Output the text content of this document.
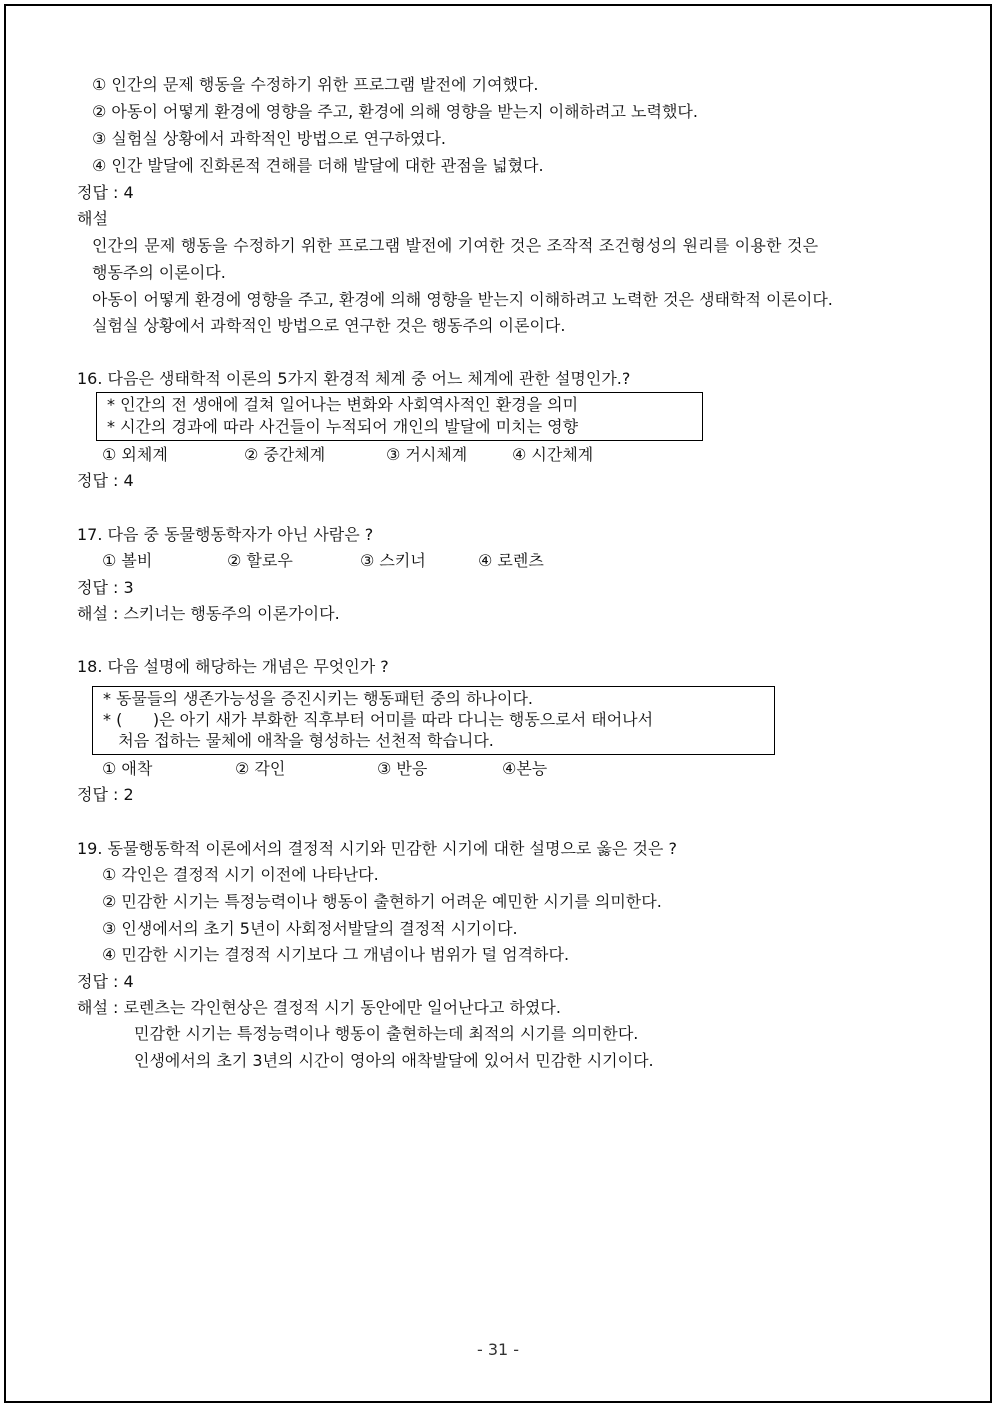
① 인간의 문제 행동을 수정하기 위한 프로그램 발전에 기여했다.
② 아동이 어떻게 환경에 영향을 주고, 환경에 의해 영향을 받는지 이해하려고 노력했다.
③ 실험실 상황에서 과학적인 방법으로 연구하였다.
④ 인간 발달에 진화론적 견해를 더해 발달에 대한 관점을 넓혔다.
정답 : 4
해설
인간의 문제 행동을 수정하기 위한 프로그램 발전에 기여한 것은 조작적 조건형성의 원리를 이용한 것은
행동주의 이론이다.
아동이 어떻게 환경에 영향을 주고, 환경에 의해 영향을 받는지 이해하려고 노력한 것은 생태학적 이론이다.
실험실 상황에서 과학적인 방법으로 연구한 것은 행동주의 이론이다.
16. 다음은 생태학적 이론의 5가지 환경적 체계 중 어느 체계에 관한 설명인가.?
* 인간의 전 생애에 걸쳐 일어나는 변화와 사회역사적인 환경을 의미
* 시간의 경과에 따라 사건들이 누적되어 개인의 발달에 미치는 영향
① 외체계	② 중간체계	③ 거시체계	④ 시간체계
정답 : 4
17. 다음 중 동물행동학자가 아닌 사람은 ?
① 볼비	② 할로우	③ 스키너	④ 로렌츠
정답 : 3
해설 : 스키너는 행동주의 이론가이다.
18. 다음 설명에 해당하는 개념은 무엇인가 ?
* 동물들의 생존가능성을 증진시키는 행동패턴 중의 하나이다.
* (      )은 아기 새가 부화한 직후부터 어미를 따라 다니는 행동으로서 태어나서
처음 접하는 물체에 애착을 형성하는 선천적 학습니다.
① 애착	② 각인	③ 반응	④본능
정답 : 2
19. 동물행동학적 이론에서의 결정적 시기와 민감한 시기에 대한 설명으로 옳은 것은 ?
① 각인은 결정적 시기 이전에 나타난다.
② 민감한 시기는 특정능력이나 행동이 출현하기 어려운 예민한 시기를 의미한다.
③ 인생에서의 초기 5년이 사회정서발달의 결정적 시기이다.
④ 민감한 시기는 결정적 시기보다 그 개념이나 범위가 덜 엄격하다.
정답 : 4
해설 : 로렌츠는 각인현상은 결정적 시기 동안에만 일어난다고 하였다.
민감한 시기는 특정능력이나 행동이 출현하는데 최적의 시기를 의미한다.
인생에서의 초기 3년의 시간이 영아의 애착발달에 있어서 민감한 시기이다.
- 31 -
